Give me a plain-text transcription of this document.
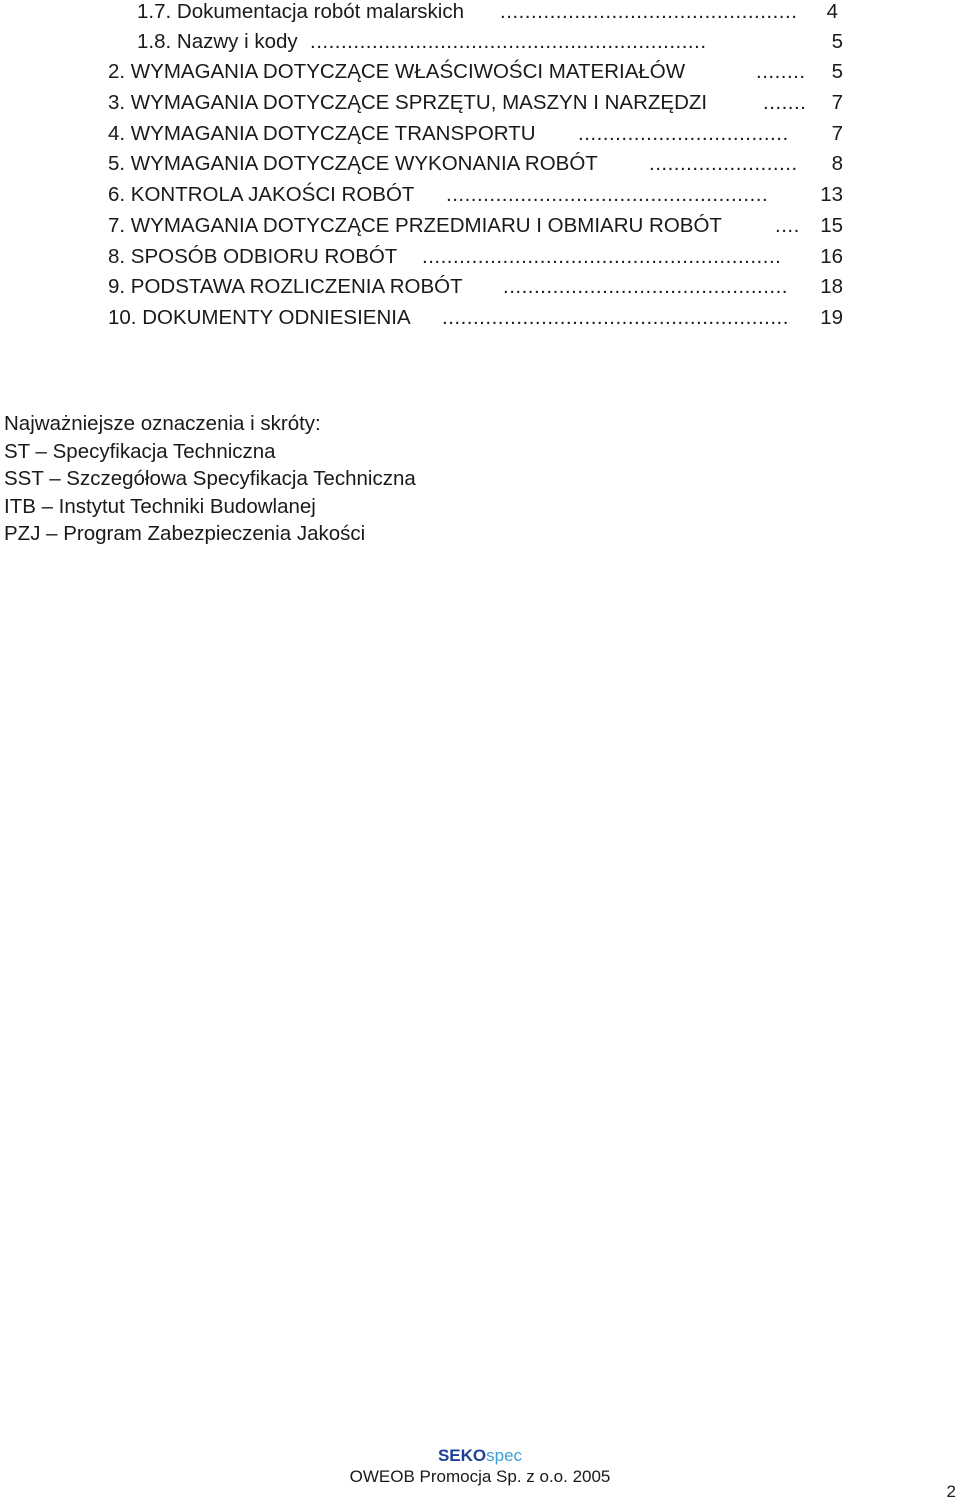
1.7. Dokumentacja robót malarskich ................................................	4
1.8. Nazwy i kody ................................................................	5
2. WYMAGANIA DOTYCZĄCE WŁAŚCIWOŚCI MATERIAŁÓW	........	5
3. WYMAGANIA DOTYCZĄCE SPRZĘTU, MASZYN I NARZĘDZI	.......	7
4. WYMAGANIA DOTYCZĄCE TRANSPORTU ..................................	7
5. WYMAGANIA DOTYCZĄCE WYKONANIA ROBÓT ........................	8
6. KONTROLA JAKOŚCI ROBÓT ....................................................	13
7. WYMAGANIA DOTYCZĄCE PRZEDMIARU I OBMIARU ROBÓT	.... 15
8. SPOSÓB ODBIORU ROBÓT ..........................................................	16
9. PODSTAWA ROZLICZENIA ROBÓT ..............................................	18
10. DOKUMENTY ODNIESIENIA ........................................................	19
Najważniejsze oznaczenia i skróty:
ST – Specyfikacja Techniczna
SST – Szczegółowa Specyfikacja Techniczna
ITB – Instytut Techniki Budowlanej
PZJ – Program Zabezpieczenia Jakości
SEKOspec
OWEOB Promocja Sp. z o.o. 2005
2
